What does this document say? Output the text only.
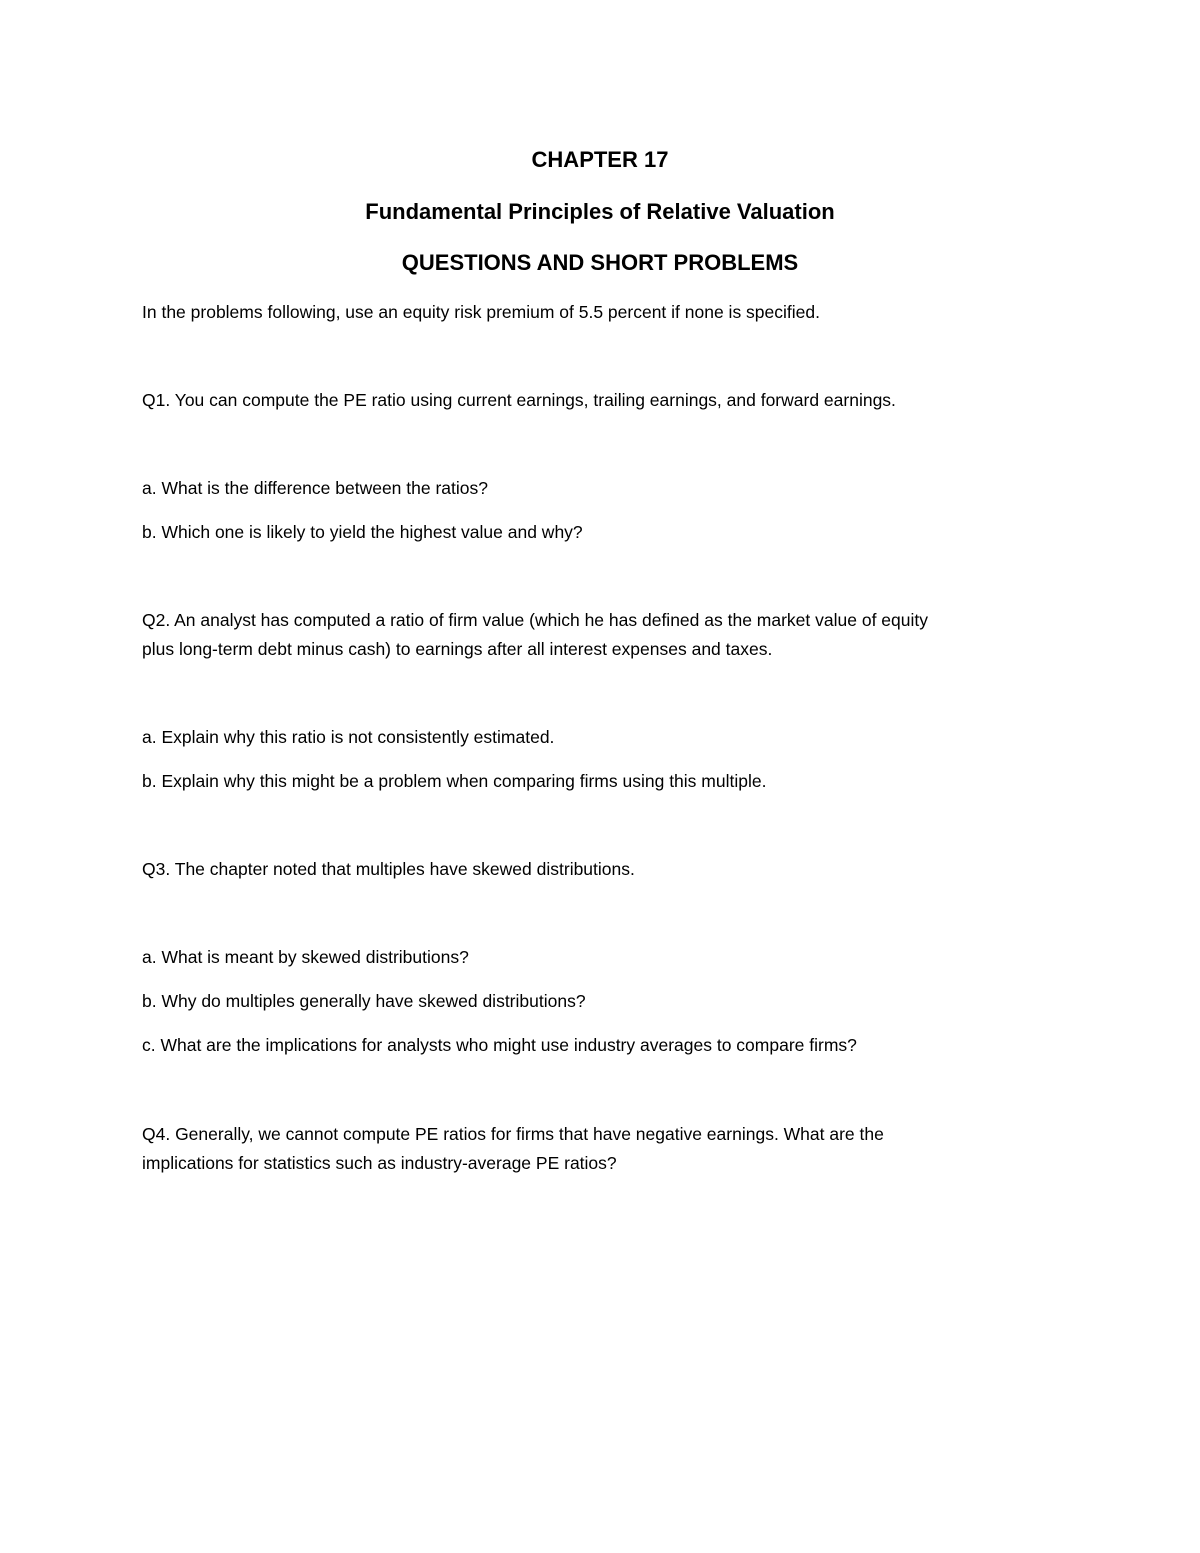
CHAPTER 17
Fundamental Principles of Relative Valuation
QUESTIONS AND SHORT PROBLEMS
In the problems following, use an equity risk premium of 5.5 percent if none is specified.
Q1. You can compute the PE ratio using current earnings, trailing earnings, and forward earnings.
a. What is the difference between the ratios?
b. Which one is likely to yield the highest value and why?
Q2. An analyst has computed a ratio of firm value (which he has defined as the market value of equity
plus long-term debt minus cash) to earnings after all interest expenses and taxes.
a. Explain why this ratio is not consistently estimated.
b. Explain why this might be a problem when comparing firms using this multiple.
Q3. The chapter noted that multiples have skewed distributions.
a. What is meant by skewed distributions?
b. Why do multiples generally have skewed distributions?
c. What are the implications for analysts who might use industry averages to compare firms?
Q4. Generally, we cannot compute PE ratios for firms that have negative earnings. What are the
implications for statistics such as industry-average PE ratios?
